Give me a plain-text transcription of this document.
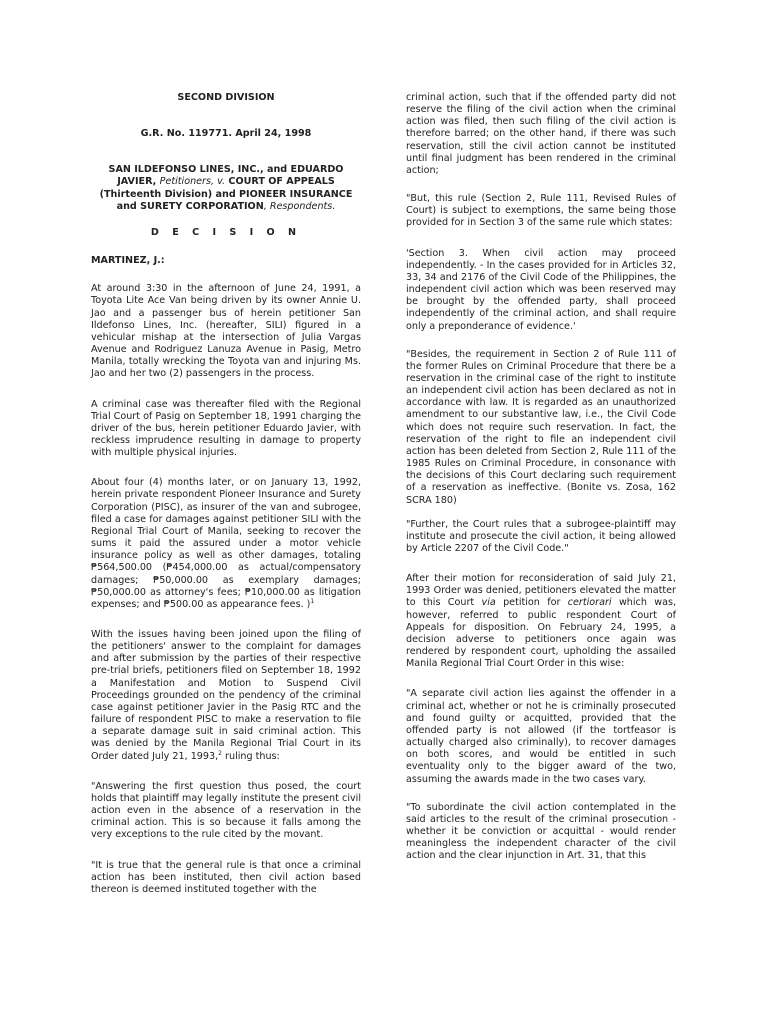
SECOND DIVISION
G.R. No. 119771. April 24, 1998
SAN ILDEFONSO LINES, INC., and EDUARDO JAVIER, Petitioners, v. COURT OF APPEALS (Thirteenth Division) and PIONEER INSURANCE and SURETY CORPORATION, Respondents.
D E C I S I O N
MARTINEZ, J.:

At around 3:30 in the afternoon of June 24, 1991, a Toyota Lite Ace Van being driven by its owner Annie U. Jao and a passenger bus of herein petitioner San Ildefonso Lines, Inc. (hereafter, SILI) figured in a vehicular mishap at the intersection of Julia Vargas Avenue and Rodriguez Lanuza Avenue in Pasig, Metro Manila, totally wrecking the Toyota van and injuring Ms. Jao and her two (2) passengers in the process.

A criminal case was thereafter filed with the Regional Trial Court of Pasig on September 18, 1991 charging the driver of the bus, herein petitioner Eduardo Javier, with reckless imprudence resulting in damage to property with multiple physical injuries.

About four (4) months later, or on January 13, 1992, herein private respondent Pioneer Insurance and Surety Corporation (PISC), as insurer of the van and subrogee, filed a case for damages against petitioner SILI with the Regional Trial Court of Manila, seeking to recover the sums it paid the assured under a motor vehicle insurance policy as well as other damages, totaling ₱564,500.00 (₱454,000.00 as actual/compensatory damages; ₱50,000.00 as exemplary damages; ₱50,000.00 as attorney's fees; ₱10,000.00 as litigation expenses; and ₱500.00 as appearance fees. )$^1$

With the issues having been joined upon the filing of the petitioners' answer to the complaint for damages and after submission by the parties of their respective pre-trial briefs, petitioners filed on September 18, 1992 a Manifestation and Motion to Suspend Civil Proceedings grounded on the pendency of the criminal case against petitioner Javier in the Pasig RTC and the failure of respondent PISC to make a reservation to file a separate damage suit in said criminal action. This was denied by the Manila Regional Trial Court in its Order dated July 21, 1993,$^2$ ruling thus:

"Answering the first question thus posed, the court holds that plaintiff may legally institute the present civil action even in the absence of a reservation in the criminal action. This is so because it falls among the very exceptions to the rule cited by the movant.

"It is true that the general rule is that once a criminal action has been instituted, then civil action based thereon is deemed instituted together with the

criminal action, such that if the offended party did not reserve the filing of the civil action when the criminal action was filed, then such filing of the civil action is therefore barred; on the other hand, if there was such reservation, still the civil action cannot be instituted until final judgment has been rendered in the criminal action;

"But, this rule (Section 2, Rule 111, Revised Rules of Court) is subject to exemptions, the same being those provided for in Section 3 of the same rule which states:

'Section 3. When civil action may proceed independently. - In the cases provided for in Articles 32, 33, 34 and 2176 of the Civil Code of the Philippines, the independent civil action which was been reserved may be brought by the offended party, shall proceed independently of the criminal action, and shall require only a preponderance of evidence.'

"Besides, the requirement in Section 2 of Rule 111 of the former Rules on Criminal Procedure that there be a reservation in the criminal case of the right to institute an independent civil action has been declared as not in accordance with law. It is regarded as an unauthorized amendment to our substantive law, i.e., the Civil Code which does not require such reservation. In fact, the reservation of the right to file an independent civil action has been deleted from Section 2, Rule 111 of the 1985 Rules on Criminal Procedure, in consonance with the decisions of this Court declaring such requirement of a reservation as ineffective. (Bonite vs. Zosa, 162 SCRA 180)

"Further, the Court rules that a subrogee-plaintiff may institute and prosecute the civil action, it being allowed by Article 2207 of the Civil Code."

After their motion for reconsideration of said July 21, 1993 Order was denied, petitioners elevated the matter to this Court via petition for certiorari which was, however, referred to public respondent Court of Appeals for disposition. On February 24, 1995, a decision adverse to petitioners once again was rendered by respondent court, upholding the assailed Manila Regional Trial Court Order in this wise:

"A separate civil action lies against the offender in a criminal act, whether or not he is criminally prosecuted and found guilty or acquitted, provided that the offended party is not allowed (if the tortfeasor is actually charged also criminally), to recover damages on both scores, and would be entitled in such eventuality only to the bigger award of the two, assuming the awards made in the two cases vary.

"To subordinate the civil action contemplated in the said articles to the result of the criminal prosecution - whether it be conviction or acquittal - would render meaningless the independent character of the civil action and the clear injunction in Art. 31, that this
